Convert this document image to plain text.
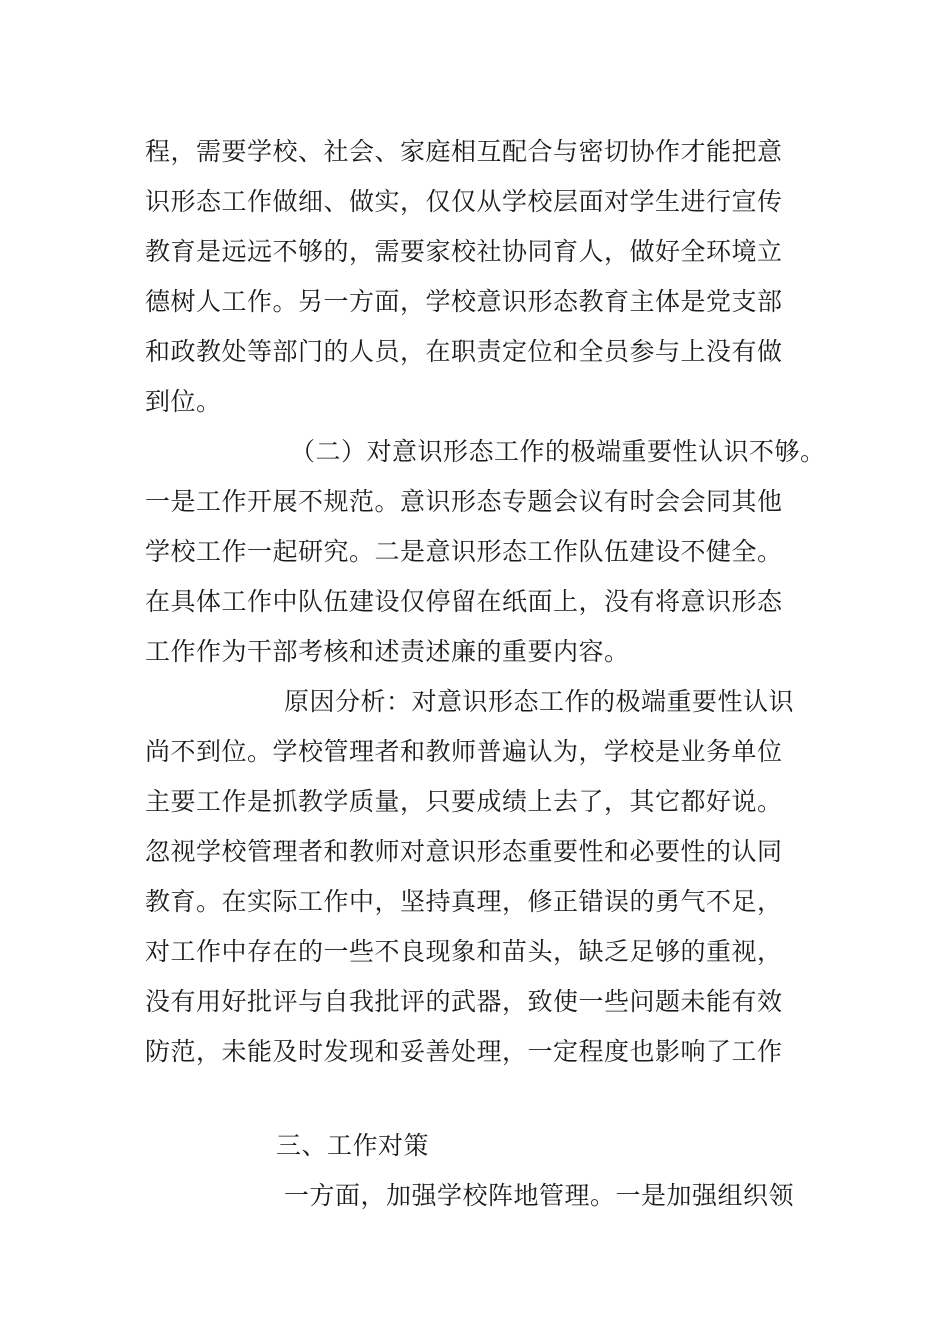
程，需要学校、社会、家庭相互配合与密切协作才能把意
识形态工作做细、做实，仅仅从学校层面对学生进行宣传
教育是远远不够的，需要家校社协同育人，做好全环境立
德树人工作。另一方面，学校意识形态教育主体是党支部
和政教处等部门的人员，在职责定位和全员参与上没有做
到位。
（二）对意识形态工作的极端重要性认识不够。
一是工作开展不规范。意识形态专题会议有时会会同其他
学校工作一起研究。二是意识形态工作队伍建设不健全。
在具体工作中队伍建设仅停留在纸面上，没有将意识形态
工作作为干部考核和述责述廉的重要内容。
原因分析：对意识形态工作的极端重要性认识
尚不到位。学校管理者和教师普遍认为，学校是业务单位
主要工作是抓教学质量，只要成绩上去了，其它都好说。
忽视学校管理者和教师对意识形态重要性和必要性的认同
教育。在实际工作中，坚持真理，修正错误的勇气不足，
对工作中存在的一些不良现象和苗头，缺乏足够的重视，
没有用好批评与自我批评的武器，致使一些问题未能有效
防范，未能及时发现和妥善处理，一定程度也影响了工作
三、工作对策
一方面，加强学校阵地管理。一是加强组织领
